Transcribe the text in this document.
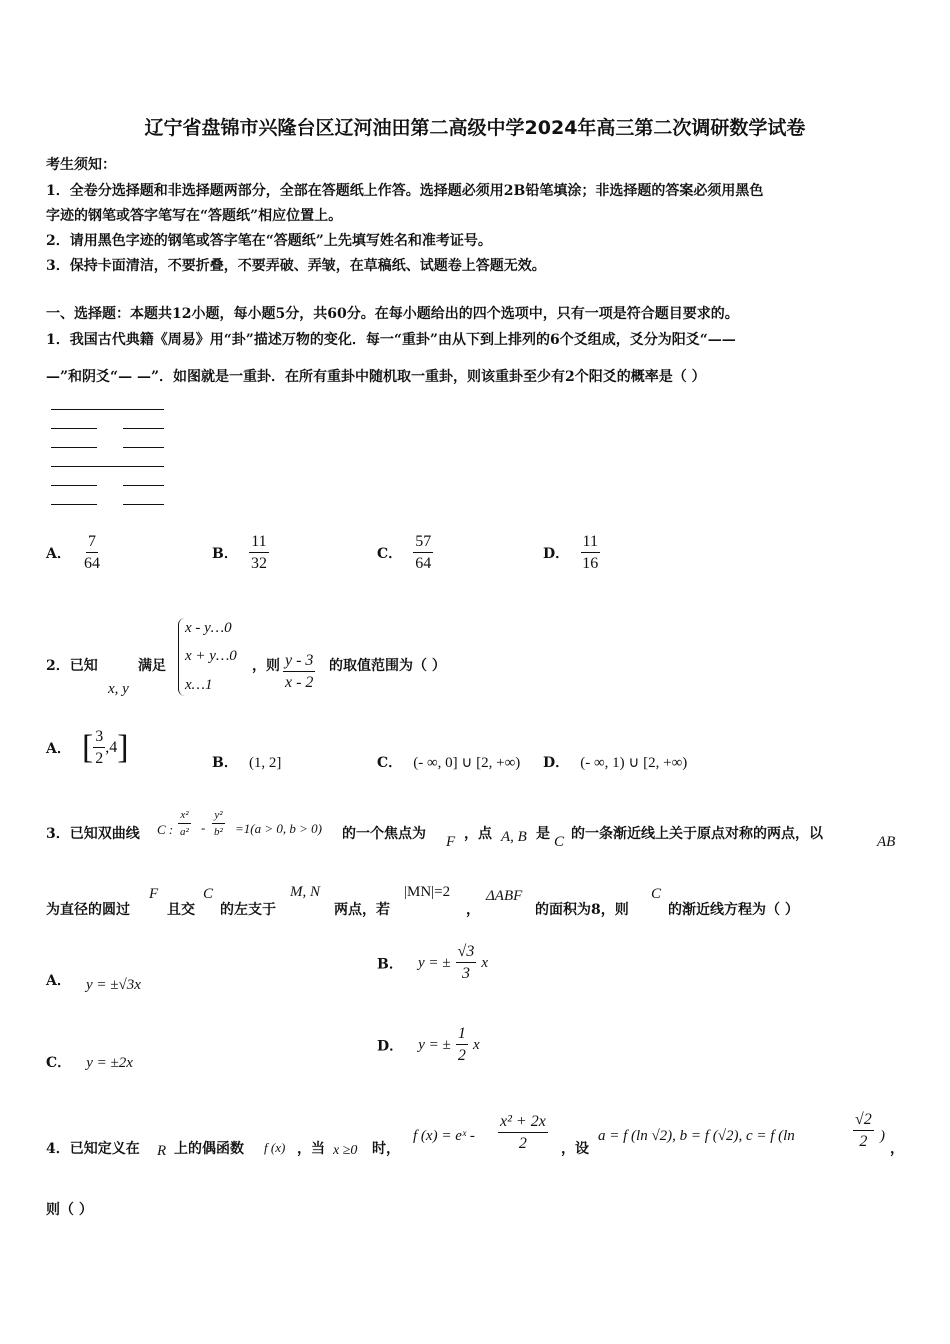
辽宁省盘锦市兴隆台区辽河油田第二高级中学2024年高三第二次调研数学试卷
考生须知：
1．全卷分选择题和非选择题两部分，全部在答题纸上作答。选择题必须用2B铅笔填涂；非选择题的答案必须用黑色
字迹的钢笔或答字笔写在“答题纸”相应位置上。
2．请用黑色字迹的钢笔或答字笔在“答题纸”上先填写姓名和准考证号。
3．保持卡面清洁，不要折叠，不要弄破、弄皱，在草稿纸、试题卷上答题无效。
一、选择题：本题共12小题，每小题5分，共60分。在每小题给出的四个选项中，只有一项是符合题目要求的。
1．我国古代典籍《周易》用“卦”描述万物的变化．每一“重卦”由从下到上排列的6个爻组成，爻分为阳爻“——
—”和阴爻“— —”．如图就是一重卦．在所有重卦中随机取一重卦，则该重卦至少有2个阳爻的概率是（ ）
A． $\frac{7}{64}$	B． $\frac{11}{32}$	C． $\frac{57}{64}$	D． $\frac{11}{16}$
2．已知
x, y
满足
x - y…0
x + y…0
x…1
，则 $\frac{y - 3}{x - 2}$ 的取值范围为（ ）
A． [ $\frac{3}{2} ,4$ ]	B． (1, 2]	C． (- ∞, 0] ∪ [2, +∞) D． (- ∞, 1) ∪ [2, +∞)
3．已知双曲线 C : $\frac{\text{x²}}{\text{a²}} - \frac{\text{y²}}{\text{b²}} =1(a > 0$, b > 0) 的一个焦点为 F ，点 A, B 是 C 的一条渐近线上关于原点对称的两点，以	AB
为直径的圆过
F
且交
C
的左支于
M, N
两点，若
|MN|=2
，
ΔABF
的面积为8，则
C
的渐近线方程为（ ）
A． y = ±√3x
B． y = ± $\frac{√3}{3}$ x
C． y = ±2x
D． y = ± $\frac{1}{2}$ x
4．已知定义在 R 上的偶函数 f (x) ，当 x ≥0 时，
f (x) = eˣ - $\frac{\text{x² + 2x}}{2}$ ，设
a = f (ln √2), b = f (√2), c = f (ln	$\frac{√2}{2}$ )
，
则（ ）
